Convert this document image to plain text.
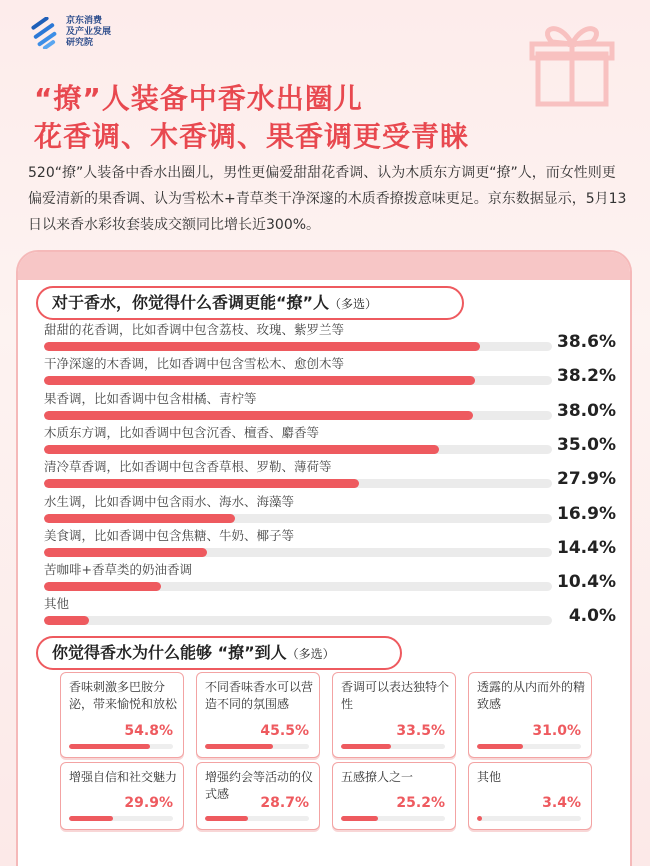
京东消费
及产业发展
研究院
“撩”人装备中香水出圈儿
花香调、木香调、果香调更受青睐

520“撩”人装备中香水出圈儿，男性更偏爱甜甜花香调、认为木质东方调更“撩”人，而女性则更偏爱清新的果香调、认为雪松木+青草类干净深邃的木质香撩拨意味更足。京东数据显示，5月13日以来香水彩妆套装成交额同比增长近300%。

对于香水，你觉得什么香调更能“撩”人（多选）
甜甜的花香调，比如香调中包含荔枝、玫瑰、紫罗兰等
38.6%
干净深邃的木香调，比如香调中包含雪松木、愈创木等
38.2%
果香调，比如香调中包含柑橘、青柠等
38.0%
木质东方调，比如香调中包含沉香、檀香、麝香等
35.0%
清冷草香调，比如香调中包含香草根、罗勒、薄荷等
27.9%
水生调，比如香调中包含雨水、海水、海藻等
16.9%
美食调，比如香调中包含焦糖、牛奶、椰子等
14.4%
苦咖啡+香草类的奶油香调
10.4%
其他
4.0%
你觉得香水为什么能够 “撩”到人（多选）
香味刺激多巴胺分泌，带来愉悦和放松
54.8%
不同香味香水可以营造不同的氛围感
45.5%
香调可以表达独特个性
33.5%
透露的从内而外的精致感
31.0%
增强自信和社交魅力
29.9%
增强约会等活动的仪式感
28.7%
五感撩人之一
25.2%
其他
3.4%
